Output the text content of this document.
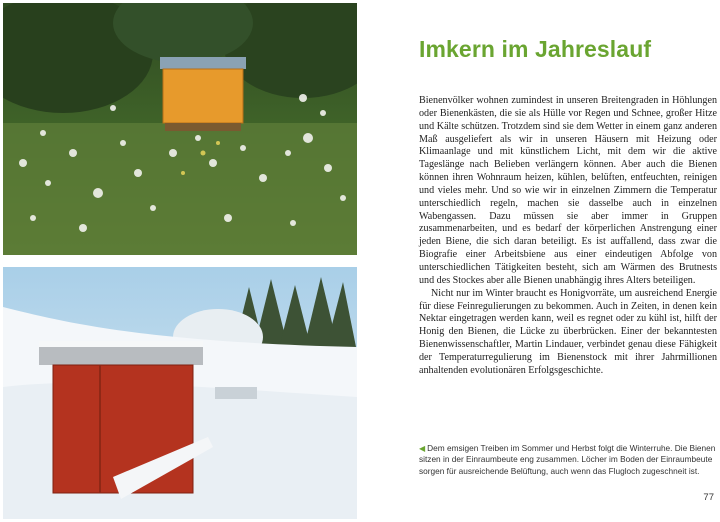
Imkern im Jahreslauf

Bienenvölker wohnen zumindest in unseren Breitengraden in Höhlungen oder Bienenkästen, die sie als Hülle vor Regen und Schnee, großer Hitze und Kälte schützen. Trotzdem sind sie dem Wetter in einem ganz anderen Maß ausgeliefert als wir in unseren Häusern mit Heizung oder Klimaanlage und mit künstlichem Licht, mit dem wir die aktive Tageslänge nach Belieben verlängern können. Aber auch die Bienen können ihren Wohnraum heizen, kühlen, belüften, entfeuchten, reinigen und vieles mehr. Und so wie wir in einzelnen Zimmern die Temperatur unterschiedlich regeln, machen sie dasselbe auch in einzelnen Wabengassen. Dazu müssen sie aber immer in Gruppen zusammenarbeiten, und es bedarf der körperlichen Anstrengung einer jeden Biene, die sich daran beteiligt. Es ist auffallend, dass zwar die Biografie einer Arbeitsbiene aus einer eindeutigen Abfolge von unterschiedlichen Tätigkeiten besteht, sich am Wärmen des Brutnests und des Stockes aber alle Bienen unabhängig ihres Alters beteiligen.

Nicht nur im Winter braucht es Honigvorräte, um ausreichend Energie für diese Feinregulierungen zu bekommen. Auch in Zeiten, in denen kein Nektar eingetragen werden kann, weil es regnet oder zu kühl ist, hilft der Honig den Bienen, die Lücke zu überbrücken. Einer der bekanntesten Bienenwissenschaftler, Martin Lindauer, verbindet genau diese Fähigkeit der Temperaturregulierung im Bienenstock mit ihrer Jahrmillionen anhaltenden evolutionären Erfolgsgeschichte.

◀ Dem emsigen Treiben im Sommer und Herbst folgt die Winterruhe. Die Bienen sitzen in der Einraumbeute eng zusammen. Löcher im Boden der Einraumbeute sorgen für ausreichende Belüftung, auch wenn das Flugloch zugeschneit ist.

77
